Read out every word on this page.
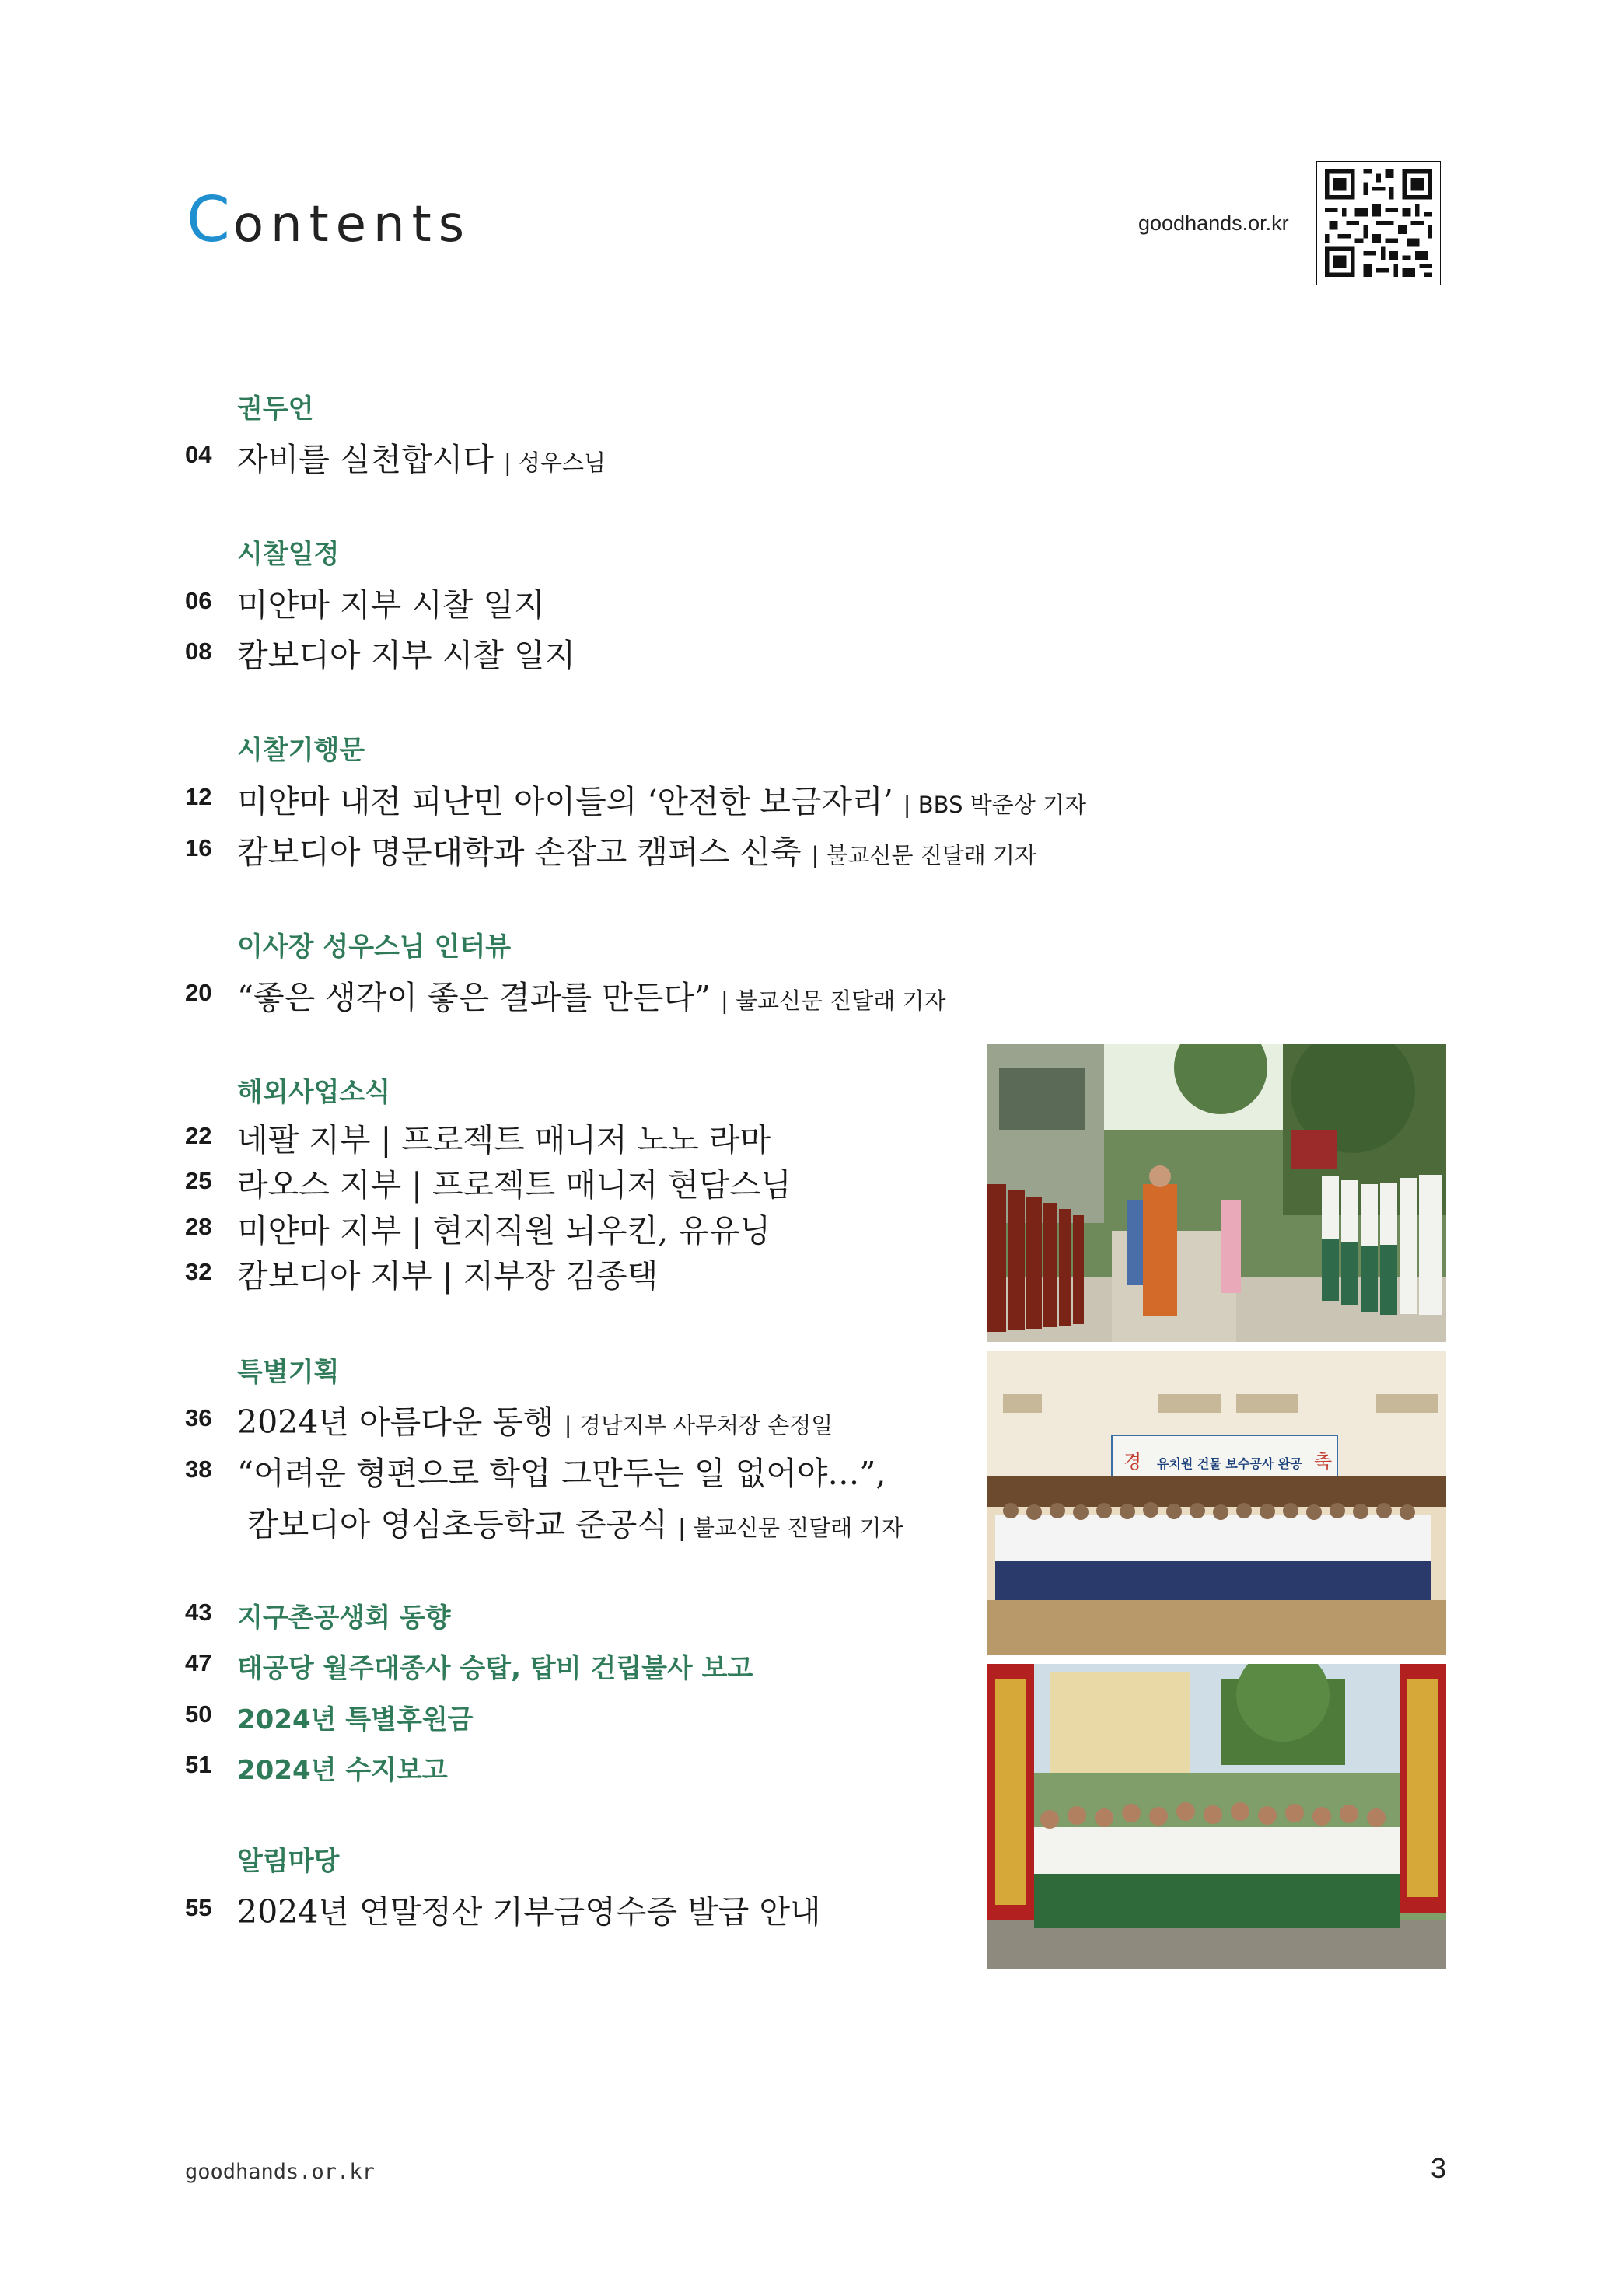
Contents	goodhands.or.kr
권두언
04 자비를 실천합시다 | 성우스님
시찰일정
06 미얀마 지부 시찰 일지
08 캄보디아 지부 시찰 일지
시찰기행문
12 미얀마 내전 피난민 아이들의 ‘안전한 보금자리’ | BBS 박준상 기자
16 캄보디아 명문대학과 손잡고 캠퍼스 신축 | 불교신문 진달래 기자
이사장 성우스님 인터뷰
20 “좋은 생각이 좋은 결과를 만든다” | 불교신문 진달래 기자
해외사업소식
22 네팔 지부 | 프로젝트 매니저 노노 라마
25 라오스 지부 | 프로젝트 매니저 현담스님
28 미얀마 지부 | 현지직원 뇌우킨, 유유닝
32 캄보디아 지부 | 지부장 김종택
특별기획
36 2024년 아름다운 동행 | 경남지부 사무처장 손정일
38 “어려운 형편으로 학업 그만두는 일 없어야…”,
캄보디아 영심초등학교 준공식 | 불교신문 진달래 기자
43 지구촌공생회 동향
47 태공당 월주대종사 승탑, 탑비 건립불사 보고
50 2024년 특별후원금
51 2024년 수지보고
알림마당
55 2024년 연말정산 기부금영수증 발급 안내
경	축
유치원 건물 보수공사 완공
goodhands.or.kr	3
